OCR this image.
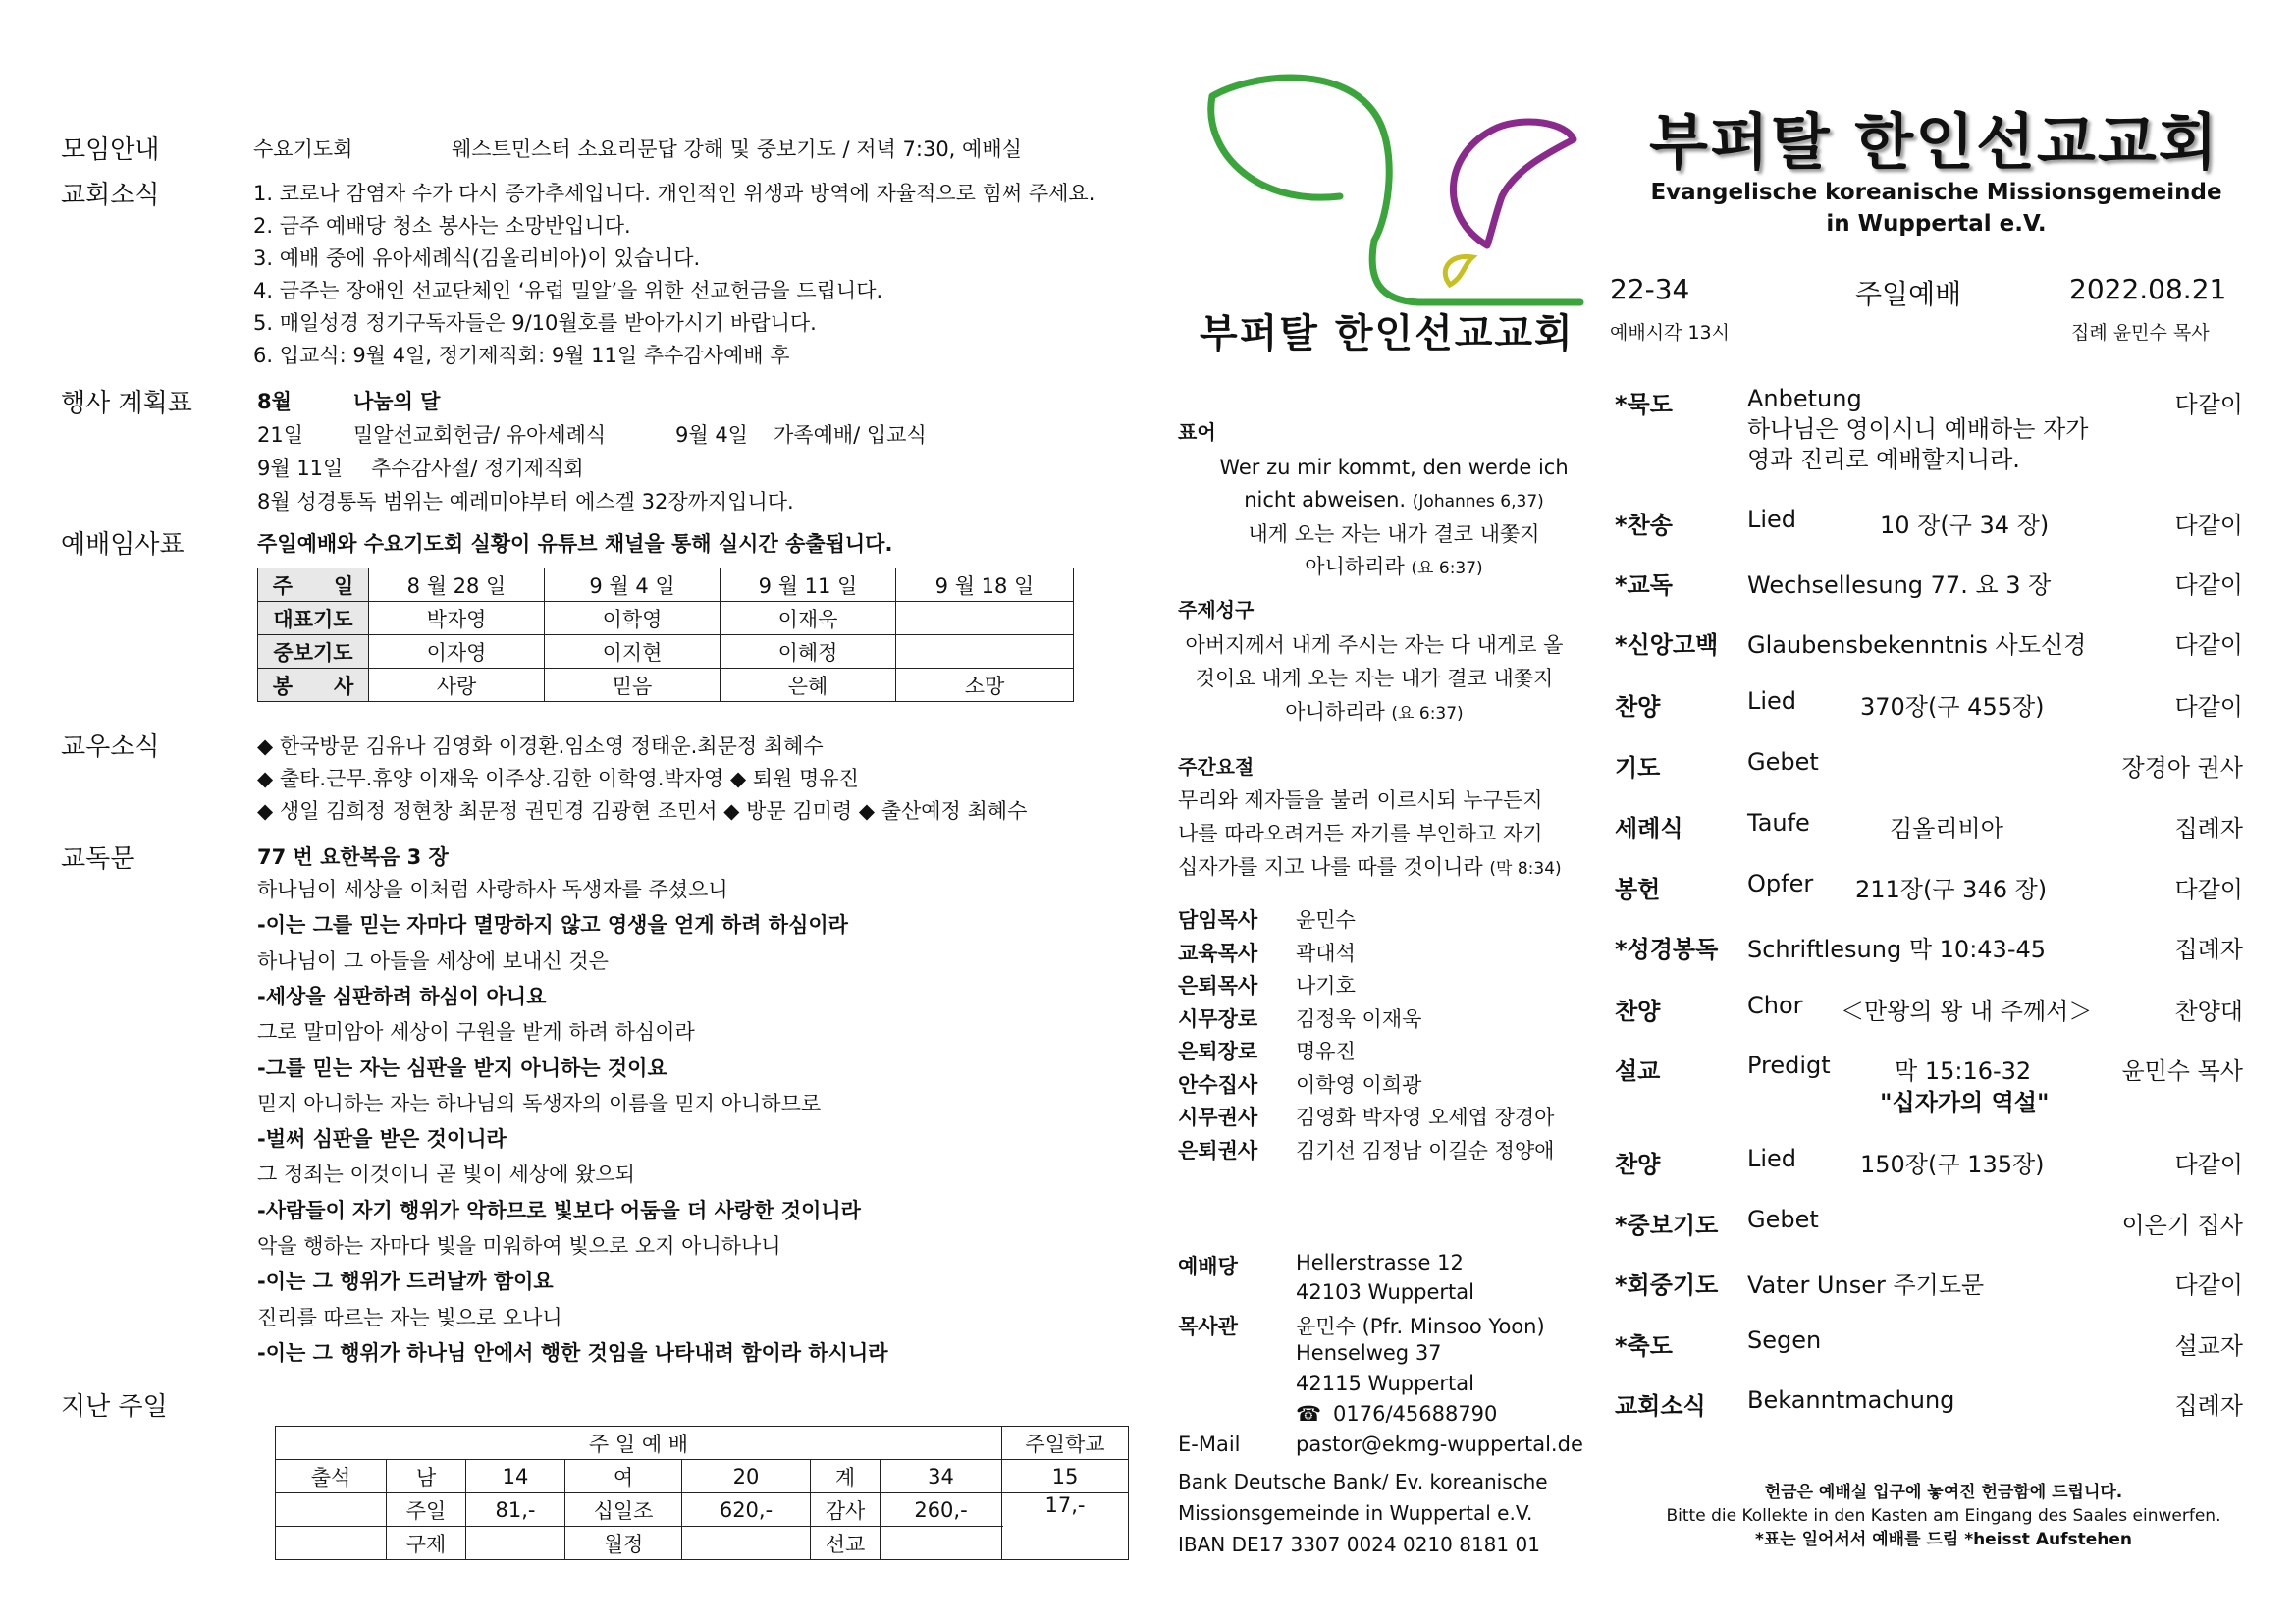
모임안내	수요기도회	웨스트민스터 소요리문답 강해 및 중보기도 / 저녁 7:30, 예배실
교회소식	1. 코로나 감염자 수가 다시 증가추세입니다. 개인적인 위생과 방역에 자율적으로 힘써 주세요.
2. 금주 예배당 청소 봉사는 소망반입니다.
3. 예배 중에 유아세례식(김올리비아)이 있습니다.
4. 금주는 장애인 선교단체인 ‘유럽 밀알’을 위한 선교헌금을 드립니다.
5. 매일성경 정기구독자들은 9/10월호를 받아가시기 바랍니다.
6. 입교식: 9월 4일, 정기제직회: 9월 11일 추수감사예배 후
행사 계획표	8월	나눔의 달
21일 밀알선교회헌금/ 유아세례식	9월 4일 가족예배/ 입교식
9월 11일 추수감사절/ 정기제직회
8월 성경통독 범위는 예레미야부터 에스겔 32장까지입니다.
예배임사표	주일예배와 수요기도회 실황이 유튜브 채널을 통해 실시간 송출됩니다.
주　　일	8 월 28 일	9 월 4 일	9 월 11 일	9 월 18 일
대표기도	박자영	이학영	이재욱	
중보기도	이자영	이지현	이혜정	
봉　　사	사랑	믿음	은혜	소망
교우소식	◆ 한국방문 김유나 김영화 이경환.임소영 정태운.최문정 최혜수
◆ 출타.근무.휴양 이재욱 이주상.김한 이학영.박자영 ◆ 퇴원 명유진
◆ 생일 김희정 정현창 최문정 권민경 김광현 조민서 ◆ 방문 김미령 ◆ 출산예정 최혜수
교독문	77 번 요한복음 3 장
하나님이 세상을 이처럼 사랑하사 독생자를 주셨으니
-이는 그를 믿는 자마다 멸망하지 않고 영생을 얻게 하려 하심이라
하나님이 그 아들을 세상에 보내신 것은
-세상을 심판하려 하심이 아니요
그로 말미암아 세상이 구원을 받게 하려 하심이라
-그를 믿는 자는 심판을 받지 아니하는 것이요
믿지 아니하는 자는 하나님의 독생자의 이름을 믿지 아니하므로
-벌써 심판을 받은 것이니라
그 정죄는 이것이니 곧 빛이 세상에 왔으되
-사람들이 자기 행위가 악하므로 빛보다 어둠을 더 사랑한 것이니라
악을 행하는 자마다 빛을 미워하여 빛으로 오지 아니하나니
-이는 그 행위가 드러날까 함이요
진리를 따르는 자는 빛으로 오나니
-이는 그 행위가 하나님 안에서 행한 것임을 나타내려 함이라 하시니라
지난 주일
주 일 예 배							주일학교
출석	남	14	여	20	계	34	15
	주일	81,-	십일조	620,-	감사	260,-	17,-
	구제		월정		선교		
부퍼탈 한인선교교회
표어
Wer zu mir kommt, den werde ich
nicht abweisen. (Johannes 6,37)
내게 오는 자는 내가 결코 내쫓지
아니하리라 (요 6:37)
주제성구
아버지께서 내게 주시는 자는 다 내게로 올
것이요 내게 오는 자는 내가 결코 내쫓지
아니하리라 (요 6:37)
주간요절
무리와 제자들을 불러 이르시되 누구든지
나를 따라오려거든 자기를 부인하고 자기
십자가를 지고 나를 따를 것이니라 (막 8:34)
담임목사 윤민수
교육목사 곽대석
은퇴목사 나기호
시무장로 김정욱 이재욱
은퇴장로 명유진
안수집사 이학영 이희광
시무권사 김영화 박자영 오세엽 장경아
은퇴권사 김기선 김정남 이길순 정양애
예배당	Hellerstrasse 12
42103 Wuppertal
목사관	윤민수 (Pfr. Minsoo Yoon)
Henselweg 37
42115 Wuppertal
☎ 0176/45688790
E-Mail	pastor@ekmg-wuppertal.de
Bank Deutsche Bank/ Ev. koreanische
Missionsgemeinde in Wuppertal e.V.
IBAN DE17 3307 0024 0210 8181 01
부퍼탈 한인선교교회
Evangelische koreanische Missionsgemeinde
in Wuppertal e.V.
22-34	주일예배	2022.08.21
예배시각 13시	집례 윤민수 목사
*묵도	Anbetung	다같이
하나님은 영이시니 예배하는 자가
영과 진리로 예배할지니라.
*찬송	Lied	10 장(구 34 장)	다같이
*교독	Wechsellesung 77. 요 3 장	다같이
*신앙고백 Glaubensbekenntnis 사도신경	다같이
찬양	Lied	370장(구 455장)	다같이
기도	Gebet	장경아 권사
세례식	Taufe	김올리비아	집례자
봉헌	Opfer 211장(구 346 장)	다같이
*성경봉독 Schriftlesung 막 10:43-45	집례자
찬양	Chor ＜만왕의 왕 내 주께서＞	찬양대
설교	Predigt	막 15:16-32	윤민수 목사
"십자가의 역설"
찬양	Lied	150장(구 135장)	다같이
*중보기도 Gebet	이은기 집사
*회중기도 Vater Unser 주기도문	다같이
*축도	Segen	설교자
교회소식 Bekanntmachung	집례자
헌금은 예배실 입구에 놓여진 헌금함에 드립니다.
Bitte die Kollekte in den Kasten am Eingang des Saales einwerfen.
*표는 일어서서 예배를 드림 *heisst Aufstehen
